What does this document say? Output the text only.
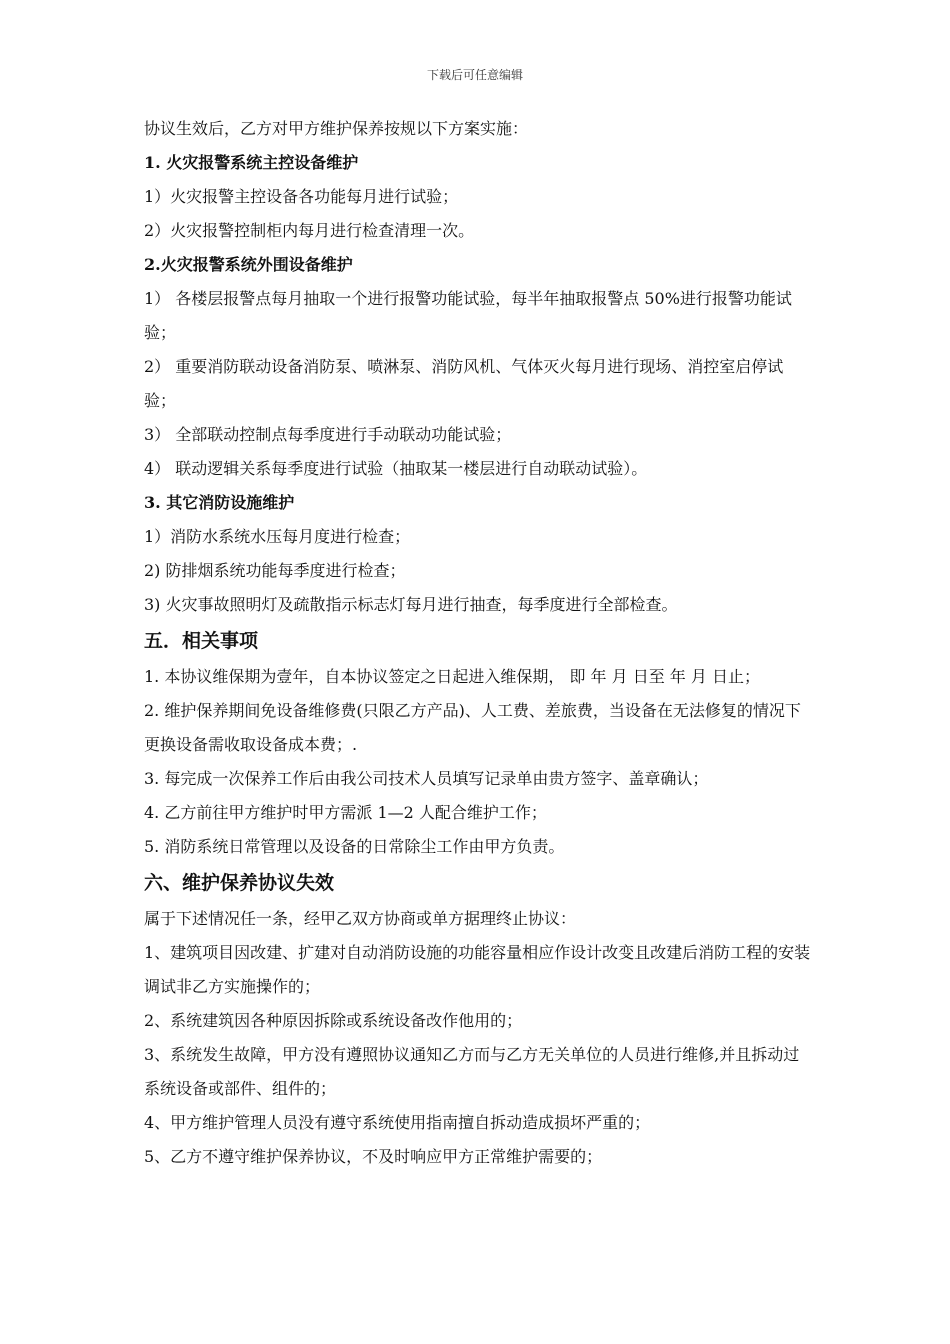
下载后可任意编辑

协议生效后，乙方对甲方维护保养按规以下方案实施：

1. 火灾报警系统主控设备维护

1）火灾报警主控设备各功能每月进行试验；

2）火灾报警控制柜内每月进行检查清理一次。

2.火灾报警系统外围设备维护

1） 各楼层报警点每月抽取一个进行报警功能试验，每半年抽取报警点 50%进行报警功能试验；

2） 重要消防联动设备消防泵、喷淋泵、消防风机、气体灭火每月进行现场、消控室启停试验；

3） 全部联动控制点每季度进行手动联动功能试验；

4） 联动逻辑关系每季度进行试验（抽取某一楼层进行自动联动试验）。

3. 其它消防设施维护

1）消防水系统水压每月度进行检查；

2) 防排烟系统功能每季度进行检查；

3) 火灾事故照明灯及疏散指示标志灯每月进行抽查，每季度进行全部检查。

五．相关事项

1. 本协议维保期为壹年，自本协议签定之日起进入维保期， 即 年 月 日至 年 月 日止；

2. 维护保养期间免设备维修费(只限乙方产品)、人工费、差旅费，当设备在无法修复的情况下更换设备需收取设备成本费；.

3. 每完成一次保养工作后由我公司技术人员填写记录单由贵方签字、盖章确认；

4. 乙方前往甲方维护时甲方需派 1—2 人配合维护工作；

5. 消防系统日常管理以及设备的日常除尘工作由甲方负责。

六、维护保养协议失效

属于下述情况任一条，经甲乙双方协商或单方据理终止协议：

1、建筑项目因改建、扩建对自动消防设施的功能容量相应作设计改变且改建后消防工程的安装调试非乙方实施操作的；

2、系统建筑因各种原因拆除或系统设备改作他用的；

3、系统发生故障，甲方没有遵照协议通知乙方而与乙方无关单位的人员进行维修,并且拆动过系统设备或部件、组件的；

4、甲方维护管理人员没有遵守系统使用指南擅自拆动造成损坏严重的；

5、乙方不遵守维护保养协议，不及时响应甲方正常维护需要的；
